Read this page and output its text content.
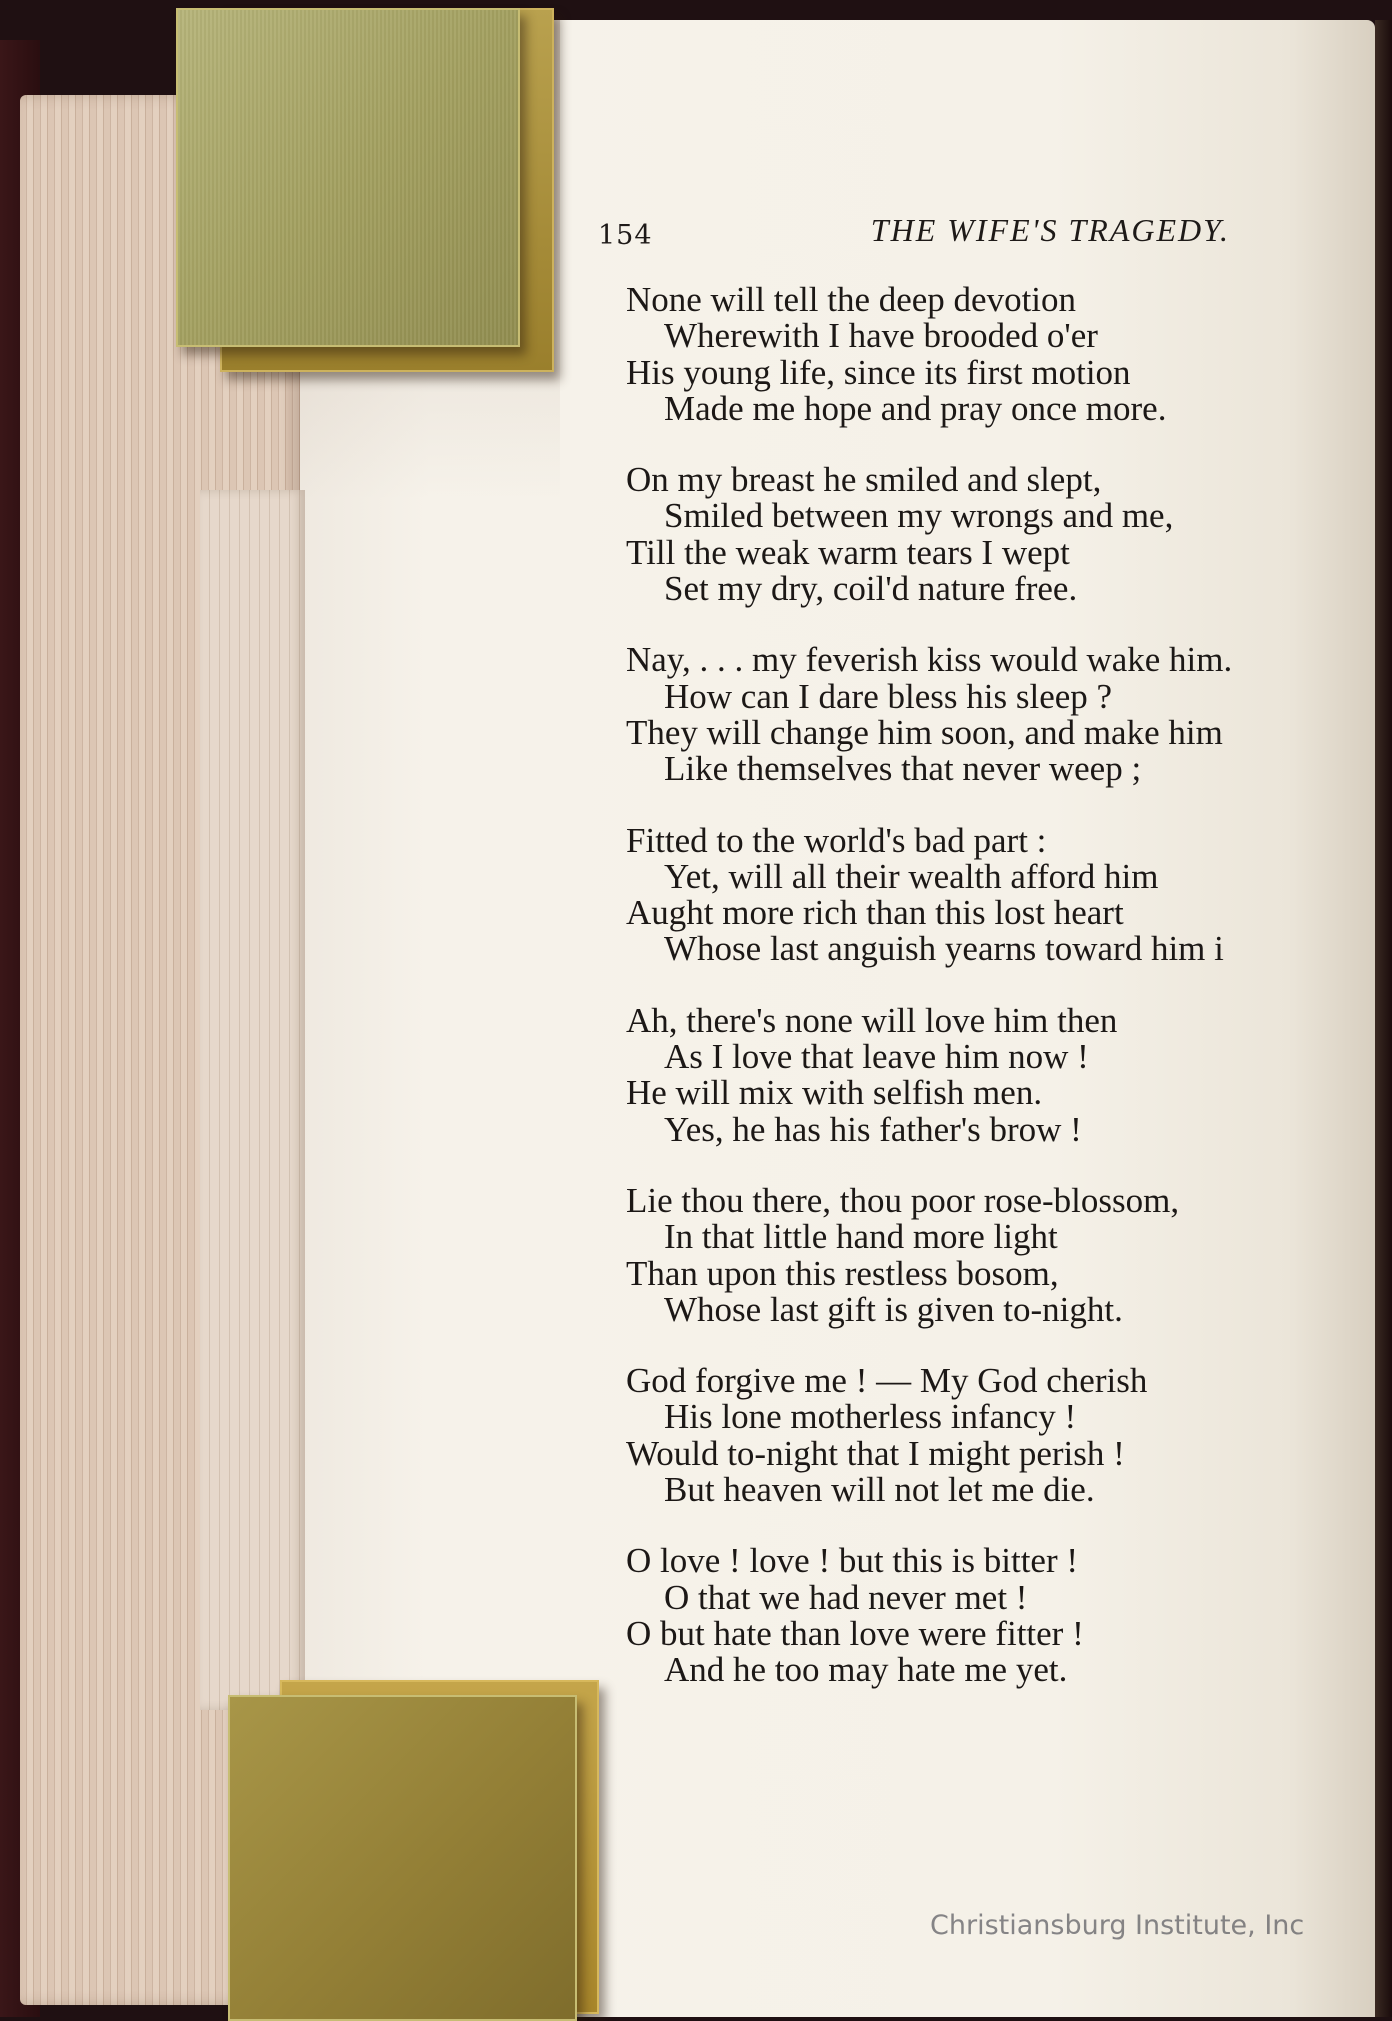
154	THE WIFE'S TRAGEDY.
None will tell the deep devotion
Wherewith I have brooded o'er
His young life, since its first motion
Made me hope and pray once more.
On my breast he smiled and slept,
Smiled between my wrongs and me,
Till the weak warm tears I wept
Set my dry, coil'd nature free.
Nay, . . . my feverish kiss would wake him.
How can I dare bless his sleep ?
They will change him soon, and make him
Like themselves that never weep ;
Fitted to the world's bad part :
Yet, will all their wealth afford him
Aught more rich than this lost heart
Whose last anguish yearns toward him i
Ah, there's none will love him then
As I love that leave him now !
He will mix with selfish men.
Yes, he has his father's brow !
Lie thou there, thou poor rose-blossom,
In that little hand more light
Than upon this restless bosom,
Whose last gift is given to-night.
God forgive me ! — My God cherish
His lone motherless infancy !
Would to-night that I might perish !
But heaven will not let me die.
O love ! love ! but this is bitter !
O that we had never met !
O but hate than love were fitter !
And he too may hate me yet.
Christiansburg Institute, Inc
